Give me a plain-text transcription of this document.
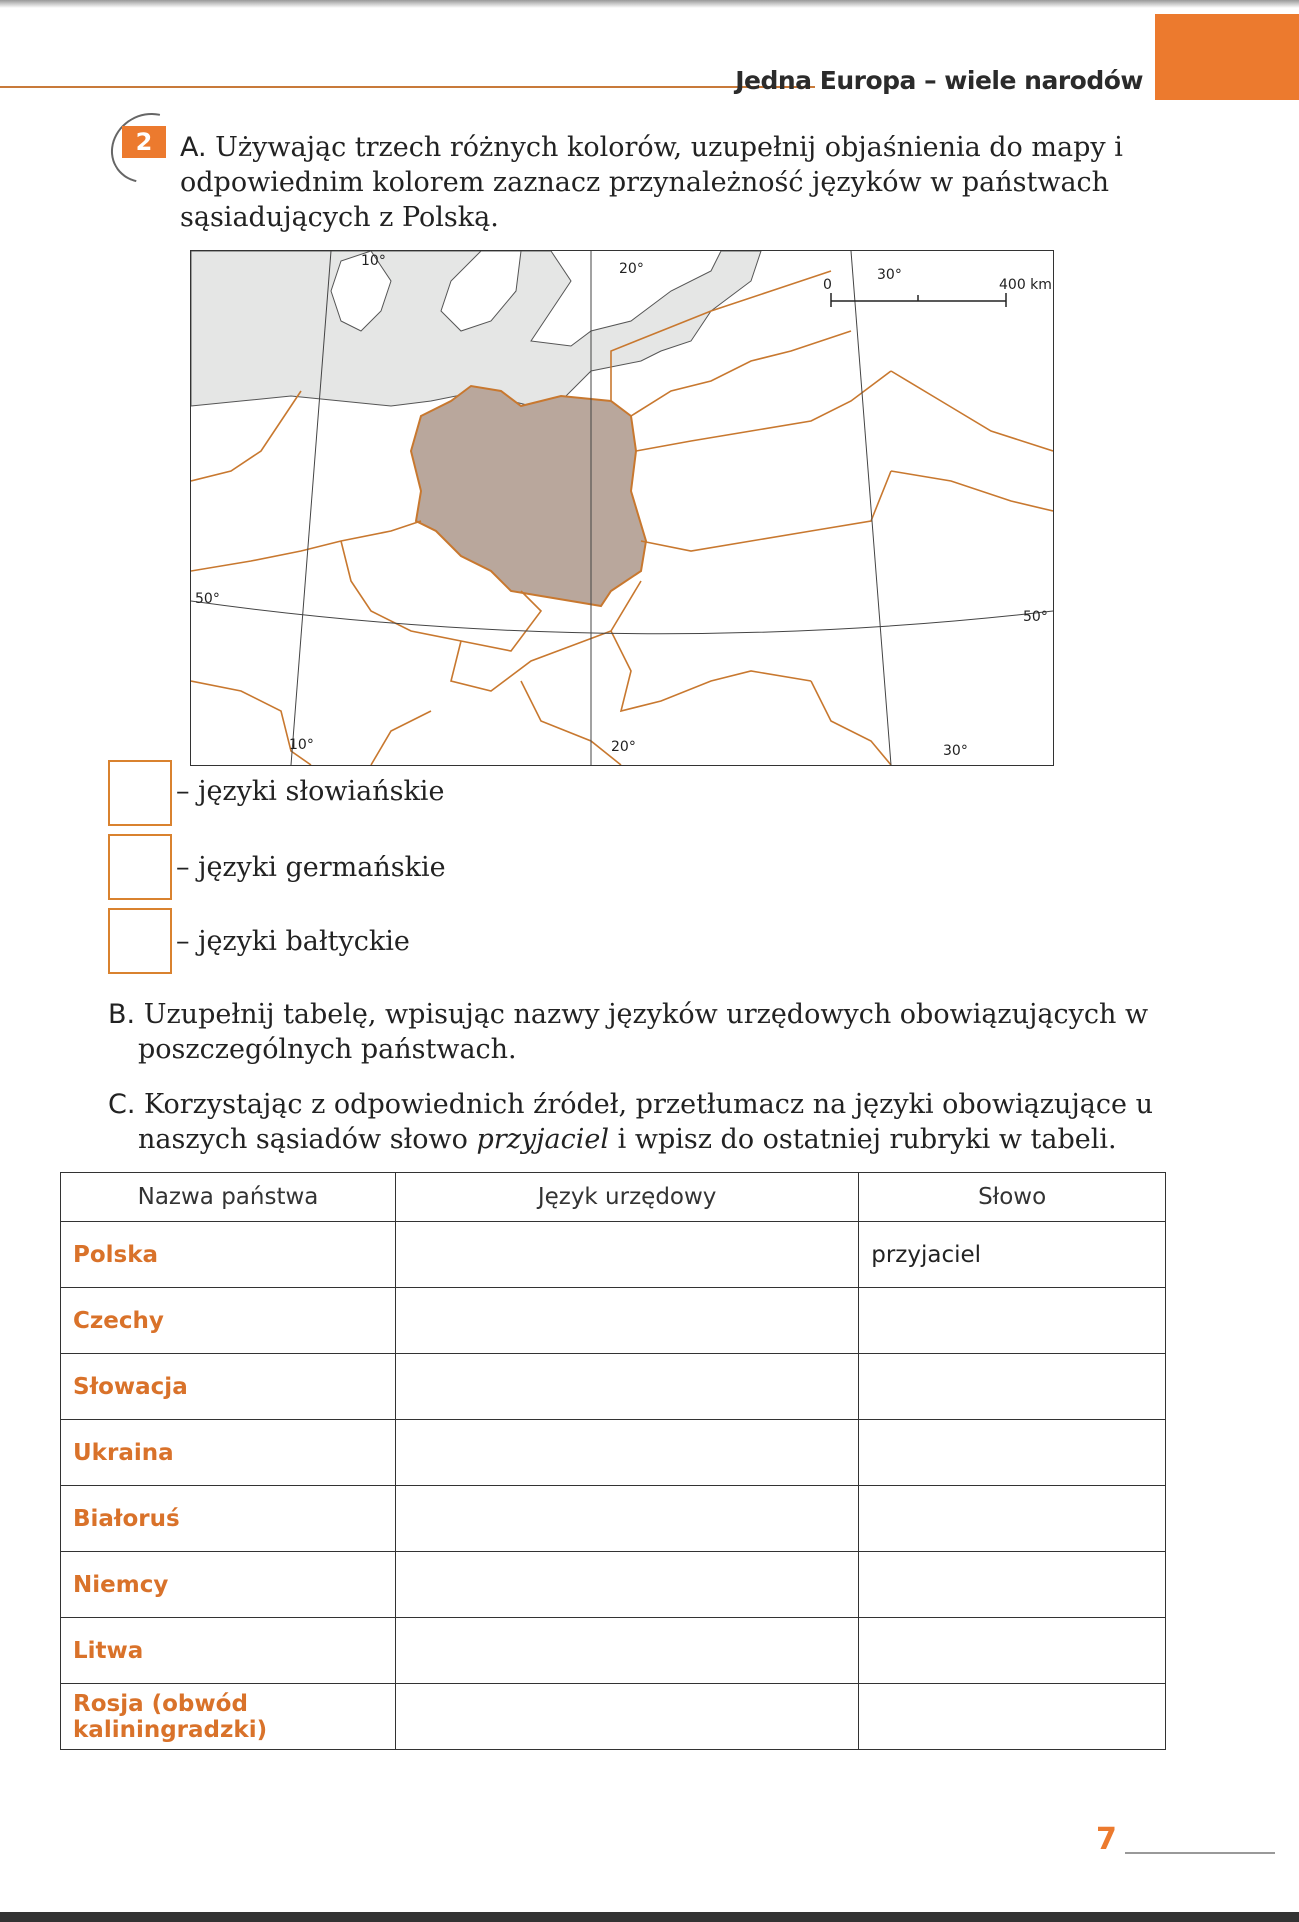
Jedna Europa – wiele narodów
2	A. Używając trzech różnych kolorów, uzupełnij objaśnienia do mapy i odpowiednim kolorem zaznacz przynależność języków w państwach sąsiadujących z Polską.
10°	20°	30°
0	400 km
50°
50°
10°	20°	30°
– języki słowiańskie
– języki germańskie
– języki bałtyckie
B. Uzupełnij tabelę, wpisując nazwy języków urzędowych obowiązujących w poszczególnych państwach.
C. Korzystając z odpowiednich źródeł, przetłumacz na języki obowiązujące u naszych sąsiadów słowo przyjaciel i wpisz do ostatniej rubryki w tabeli.
Nazwa państwa	Język urzędowy	Słowo
Polska		przyjaciel
Czechy		
Słowacja		
Ukraina		
Białoruś		
Niemcy		
Litwa		
Rosja (obwód kaliningradzki)		
7
